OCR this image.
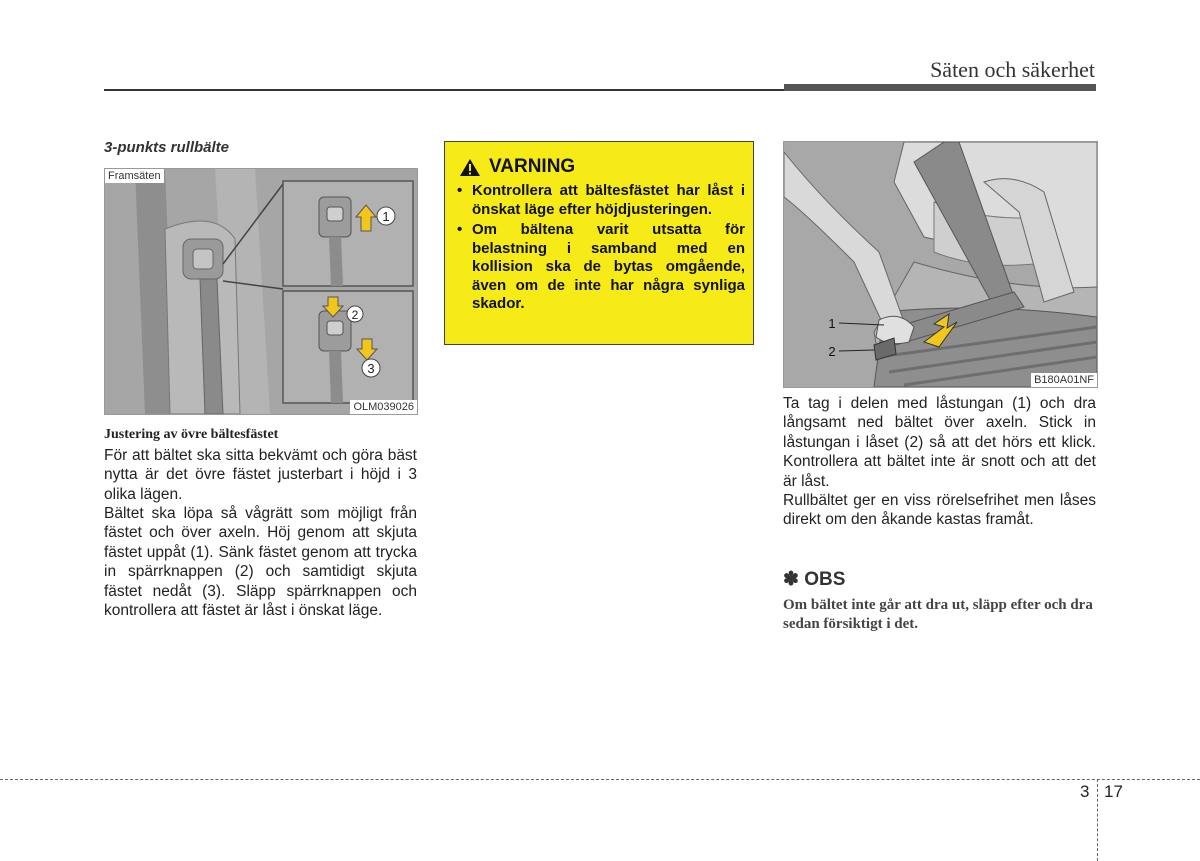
Säten och säkerhet
3-punkts rullbälte
1
2
3
Framsäten
OLM039026
Justering av övre bältesfästet

För att bältet ska sitta bekvämt och göra bäst nytta är det övre fästet justerbart i höjd i 3 olika lägen.

Bältet ska löpa så vågrätt som möjligt från fästet och över axeln. Höj genom att skjuta fästet uppåt (1). Sänk fästet genom att trycka in spärrknappen (2) och samtidigt skjuta fästet nedåt (3). Släpp spärrknappen och kontrollera att fästet är låst i önskat läge.

VARNING
• Kontrollera att bältesfästet har låst i önskat läge efter höjdjusteringen.
• Om bältena varit utsatta för belastning i samband med en kollision ska de bytas omgående, även om de inte har några synliga skador.
1
2
B180A01NF

Ta tag i delen med låstungan (1) och dra långsamt ned bältet över axeln. Stick in låstungan i låset (2) så att det hörs ett klick. Kontrollera att bältet inte är snott och att det är låst.

Rullbältet ger en viss rörelsefrihet men låses direkt om den åkande kastas framåt.

✽ OBS

Om bältet inte går att dra ut, släpp efter och dra sedan försiktigt i det.

3 17
